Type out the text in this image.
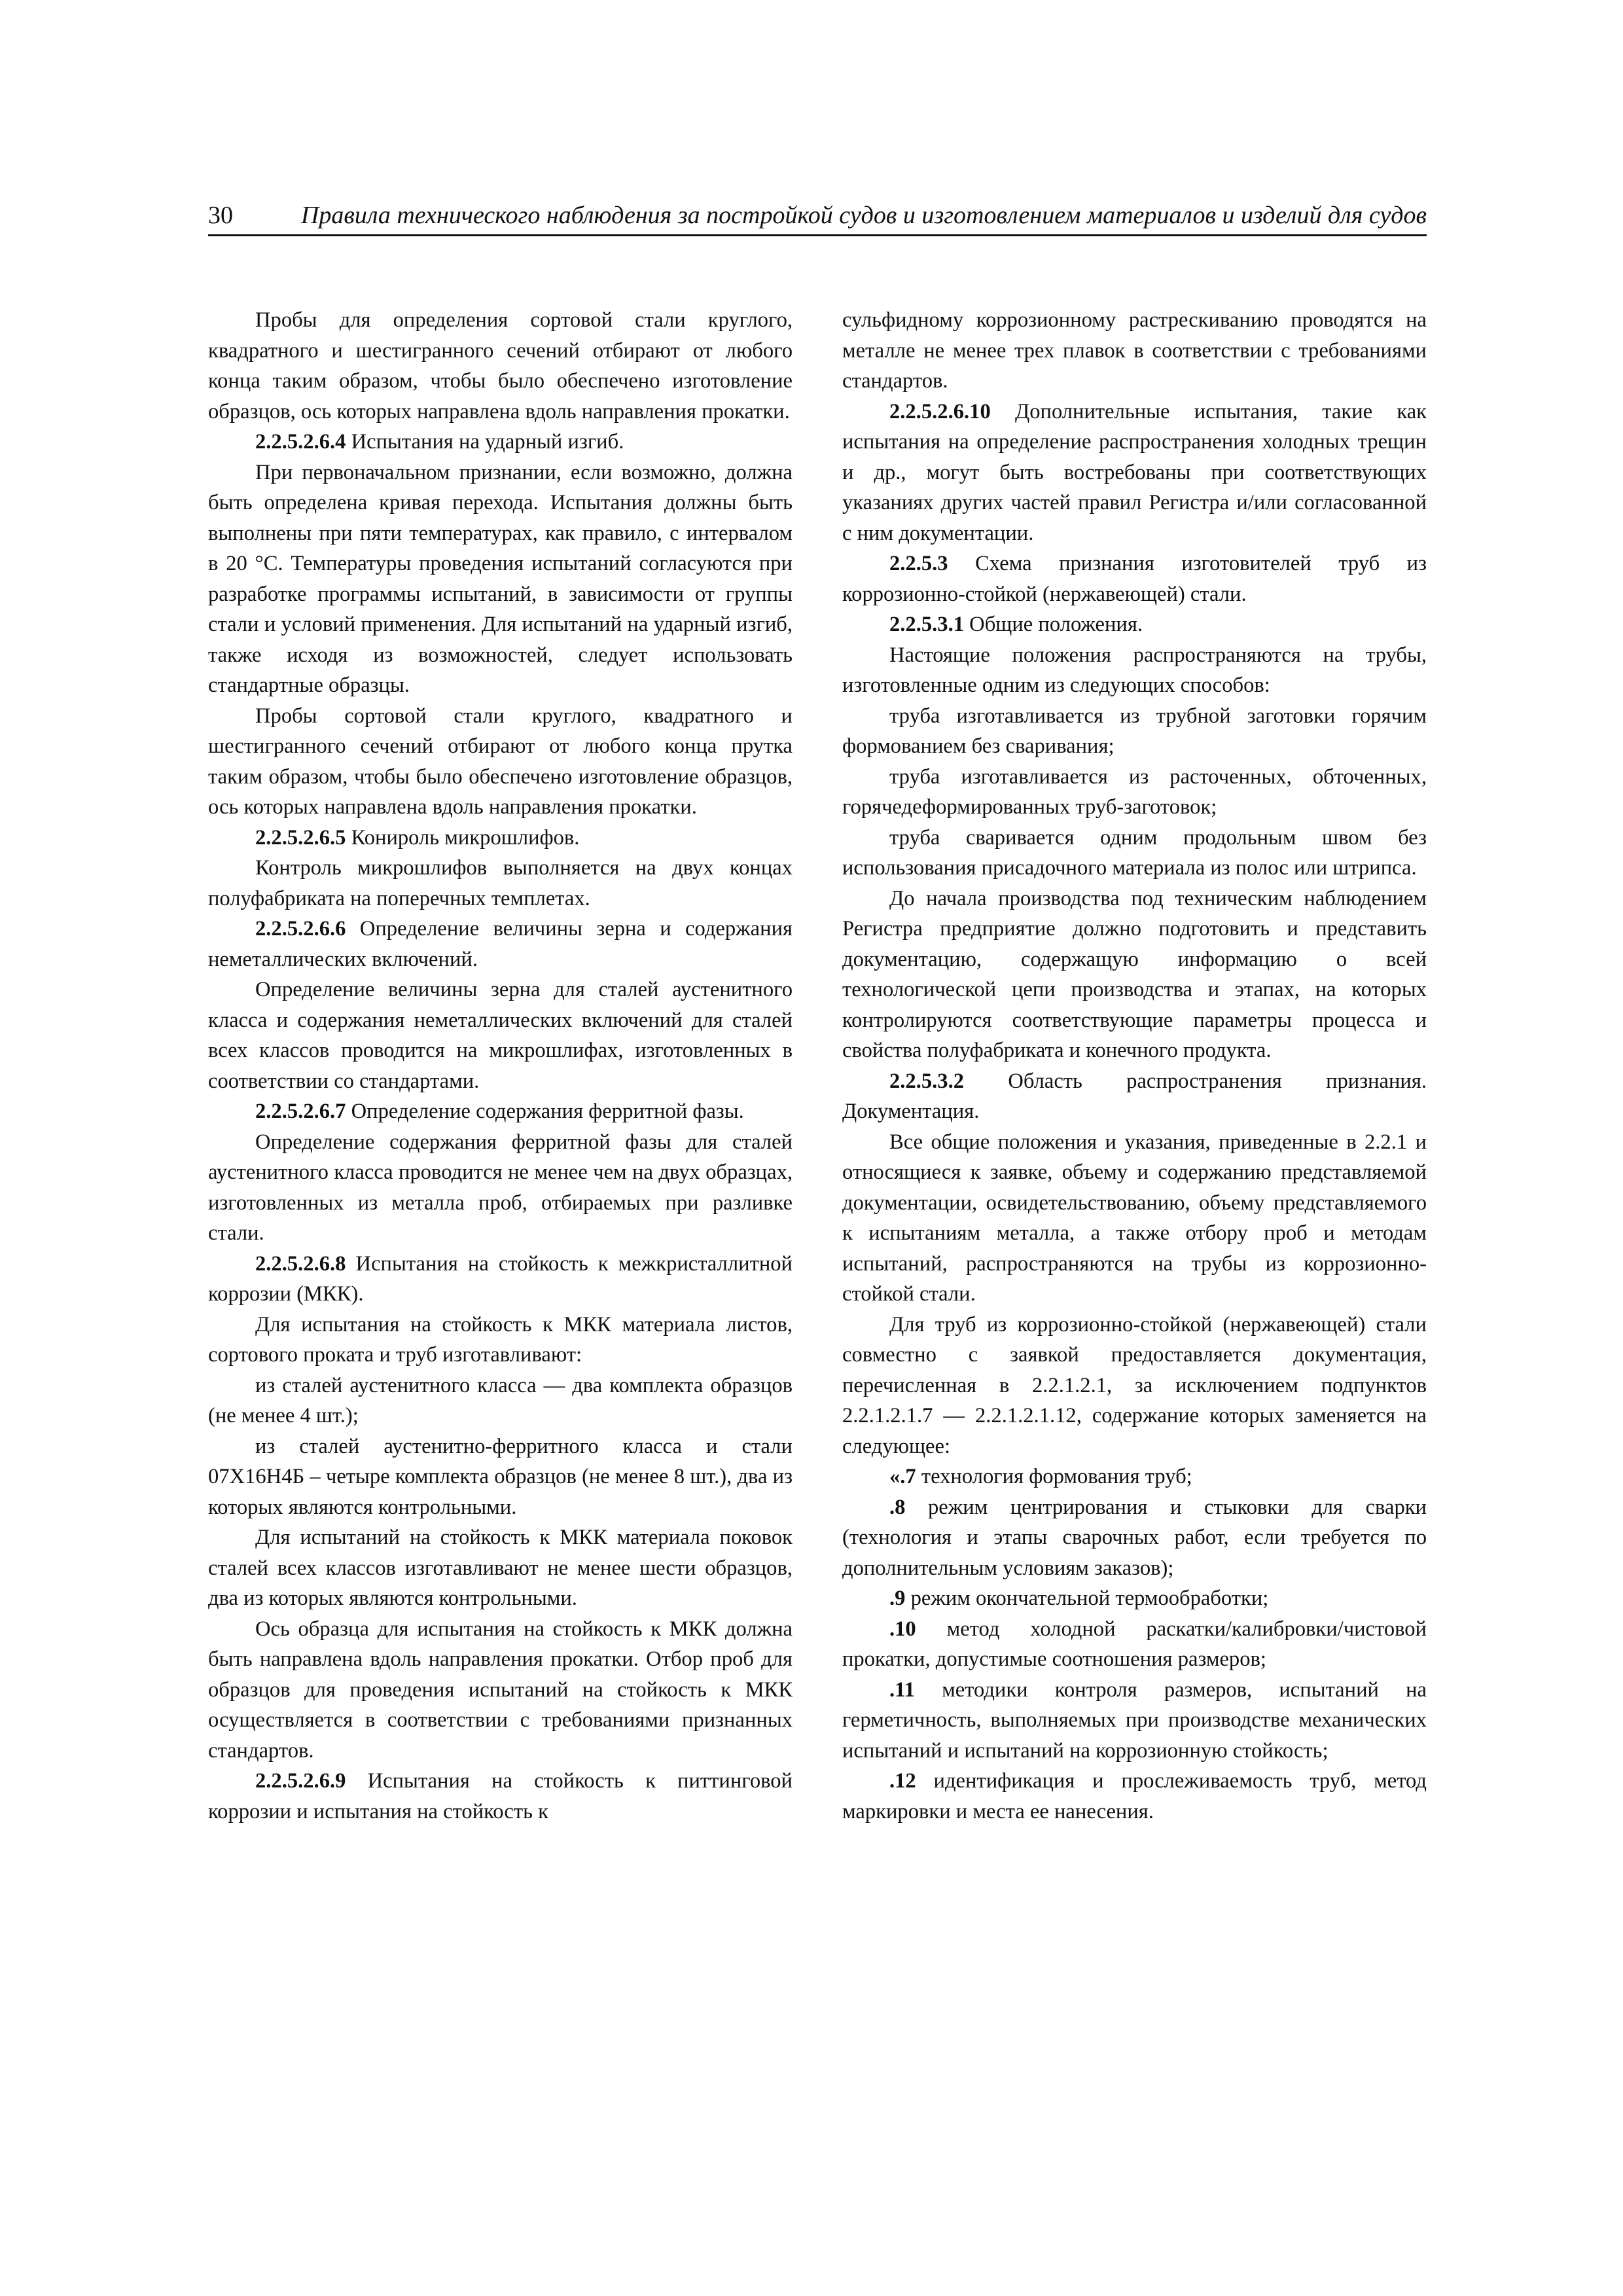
30	Правила технического наблюдения за постройкой судов и изготовлением материалов и изделий для судов

Пробы для определения сортовой стали круглого, квадратного и шестигранного сечений отбирают от любого конца таким образом, чтобы было обеспечено изготовление образцов, ось которых направлена вдоль направления прокатки.

2.2.5.2.6.4 Испытания на ударный изгиб.

При первоначальном признании, если возможно, должна быть определена кривая перехода. Испытания должны быть выполнены при пяти температурах, как правило, с интервалом в 20 °С. Температуры проведения испытаний согласуются при разработке программы испытаний, в зависимости от группы стали и условий применения. Для испытаний на ударный изгиб, также исходя из возможностей, следует использовать стандартные образцы.

Пробы сортовой стали круглого, квадратного и шестигранного сечений отбирают от любого конца прутка таким образом, чтобы было обеспечено изготовление образцов, ось которых направлена вдоль направления прокатки.

2.2.5.2.6.5 Конироль микрошлифов.

Контроль микрошлифов выполняется на двух концах полуфабриката на поперечных темплетах.

2.2.5.2.6.6 Определение величины зерна и содержания неметаллических включений.

Определение величины зерна для сталей аустенитного класса и содержания неметаллических включений для сталей всех классов проводится на микрошлифах, изготовленных в соответствии со стандартами.

2.2.5.2.6.7 Определение содержания ферритной фазы.

Определение содержания ферритной фазы для сталей аустенитного класса проводится не менее чем на двух образцах, изготовленных из металла проб, отбираемых при разливке стали.

2.2.5.2.6.8 Испытания на стойкость к межкристаллитной коррозии (МКК).

Для испытания на стойкость к МКК материала листов, сортового проката и труб изготавливают:

из сталей аустенитного класса — два комплекта образцов (не менее 4 шт.);

из сталей аустенитно-ферритного класса и стали 07Х16Н4Б – четыре комплекта образцов (не менее 8 шт.), два из которых являются контрольными.

Для испытаний на стойкость к МКК материала поковок сталей всех классов изготавливают не менее шести образцов, два из которых являются контрольными.

Ось образца для испытания на стойкость к МКК должна быть направлена вдоль направления прокатки. Отбор проб для образцов для проведения испытаний на стойкость к МКК осуществляется в соответствии с требованиями признанных стандартов.

2.2.5.2.6.9 Испытания на стойкость к питтинговой коррозии и испытания на стойкость к

сульфидному коррозионному растрескиванию проводятся на металле не менее трех плавок в соответствии с требованиями стандартов.

2.2.5.2.6.10 Дополнительные испытания, такие как испытания на определение распространения холодных трещин и др., могут быть востребованы при соответствующих указаниях других частей правил Регистра и/или согласованной с ним документации.

2.2.5.3 Схема признания изготовителей труб из коррозионно-стойкой (нержавеющей) стали.

2.2.5.3.1 Общие положения.

Настоящие положения распространяются на трубы, изготовленные одним из следующих способов:

труба изготавливается из трубной заготовки горячим формованием без сваривания;

труба изготавливается из расточенных, обточенных, горячедеформированных труб-заготовок;

труба сваривается одним продольным швом без использования присадочного материала из полос или штрипса.

До начала производства под техническим наблюдением Регистра предприятие должно подготовить и представить документацию, содержащую информацию о всей технологической цепи производства и этапах, на которых контролируются соответствующие параметры процесса и свойства полуфабриката и конечного продукта.

2.2.5.3.2 Область распространения признания. Документация.

Все общие положения и указания, приведенные в 2.2.1 и относящиеся к заявке, объему и содержанию представляемой документации, освидетельствованию, объему представляемого к испытаниям металла, а также отбору проб и методам испытаний, распространяются на трубы из коррозионно-стойкой стали.

Для труб из коррозионно-стойкой (нержавеющей) стали совместно с заявкой предоставляется документация, перечисленная в 2.2.1.2.1, за исключением подпунктов 2.2.1.2.1.7 — 2.2.1.2.1.12, содержание которых заменяется на следующее:

«.7 технология формования труб;

.8 режим центрирования и стыковки для сварки (технология и этапы сварочных работ, если требуется по дополнительным условиям заказов);

.9 режим окончательной термообработки;

.10 метод холодной раскатки/калибровки/чистовой прокатки, допустимые соотношения размеров;

.11 методики контроля размеров, испытаний на герметичность, выполняемых при производстве механических испытаний и испытаний на коррозионную стойкость;

.12 идентификация и прослеживаемость труб, метод маркировки и места ее нанесения.
